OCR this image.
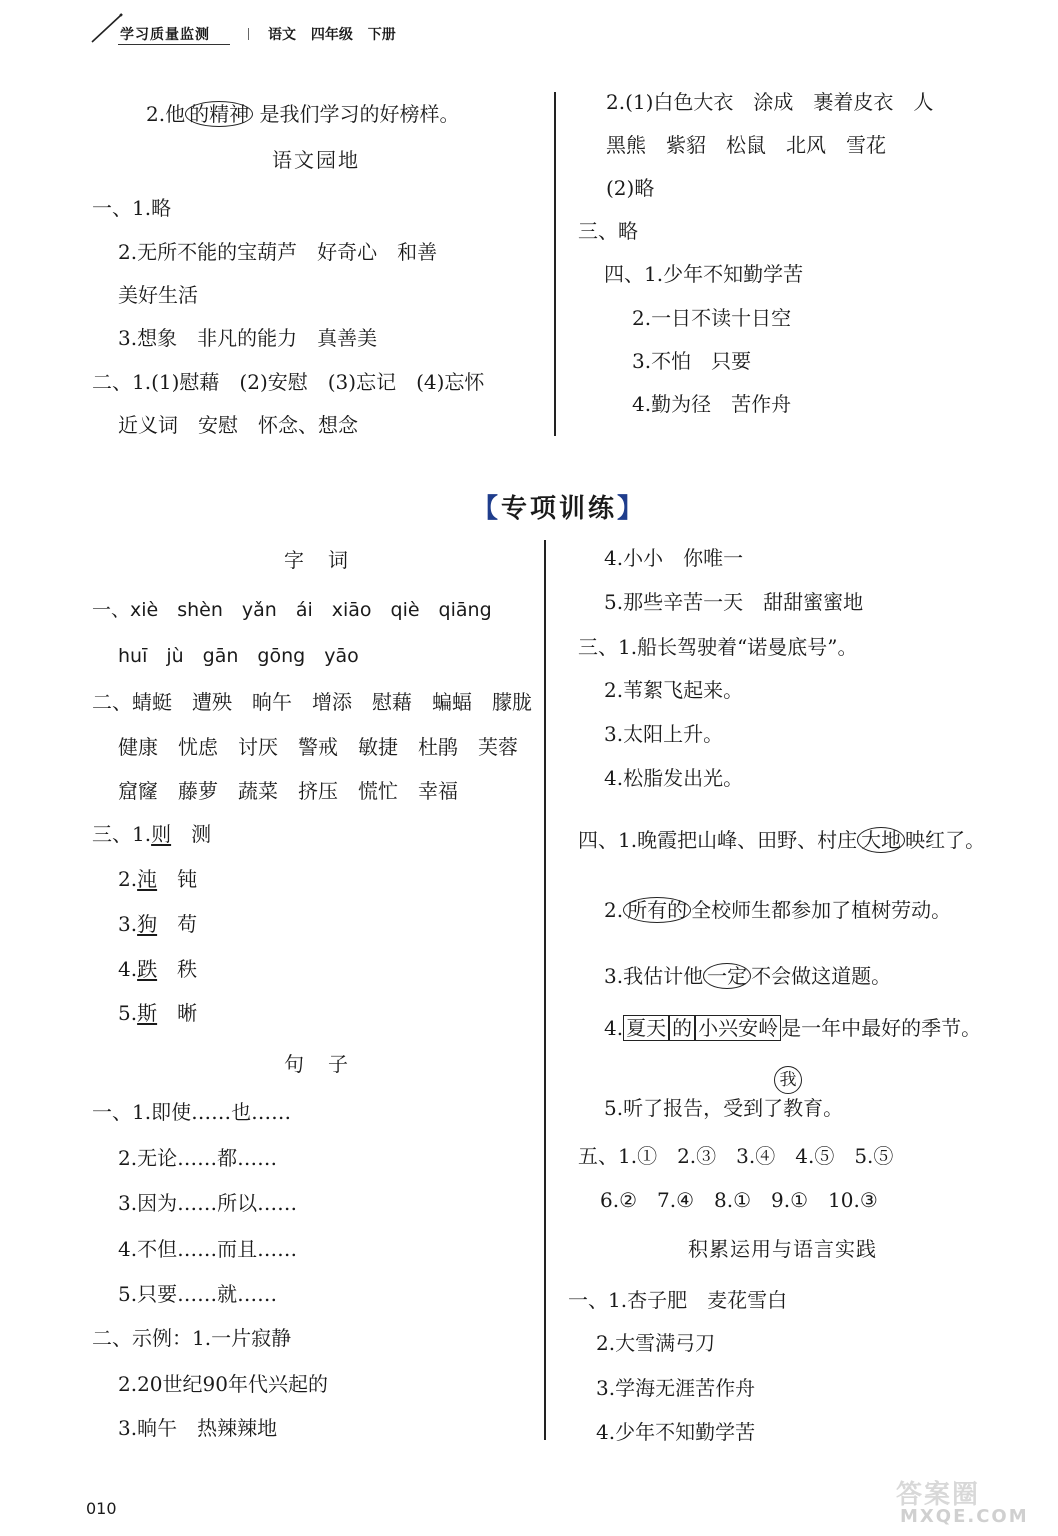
学习质量监测	语文 四年级 下册
2.他 的精神 是我们学习的好榜样。
语文园地
一、1.略
2.无所不能的宝葫芦　好奇心　和善
美好生活
3.想象　非凡的能力　真善美
二、1.(1)慰藉　(2)安慰　(3)忘记　(4)忘怀
近义词　安慰　怀念、想念
2.(1)白色大衣　涂成　裹着皮衣　人
黑熊　紫貂　松鼠　北风　雪花
(2)略
三、略
四、1.少年不知勤学苦
2.一日不读十日空
3.不怕　只要
4.勤为径　苦作舟
【专项训练】
字　词
一、xiè　shèn　yǎn　ái　xiāo　qiè　qiāng
huī　jù　gān　gōng　yāo
二、蜻蜓　遭殃　晌午　增添　慰藉　蝙蝠　朦胧
健康　忧虑　讨厌　警戒　敏捷　杜鹃　芙蓉
窟窿　藤萝　蔬菜　挤压　慌忙　幸福
三、1.则　 测
2.沌　 钝
3.狗　 苟
4.跌　 秩
5.斯　 晰
句　子
一、1.即使……也……
2.无论……都……
3.因为……所以……
4.不但……而且……
5.只要……就……
二、示例：1.一片寂静
2.20世纪90年代兴起的
3.晌午　热辣辣地
4.小小　你唯一
5.那些辛苦一天　甜甜蜜蜜地
三、1.船长驾驶着“诺曼底号”。
2.苇絮飞起来。
3.太阳上升。
4.松脂发出光。
四、1.晚霞把山峰、田野、村庄 大地 映红了。
2. 所有的 全校师生都参加了植树劳动。
3.我估计他 一定 不会做这道题。
4. 夏天 的 小兴安岭 是一年中最好的季节。
我
5.听了报告，受到了教育。
五、1.①　2.③　3.④　4.⑤　5.⑤
6.②　7.④　8.①　9.①　10.③
积累运用与语言实践
一、1.杏子肥　麦花雪白
2.大雪满弓刀
3.学海无涯苦作舟
4.少年不知勤学苦
010	答案圈
MXQE.COM
